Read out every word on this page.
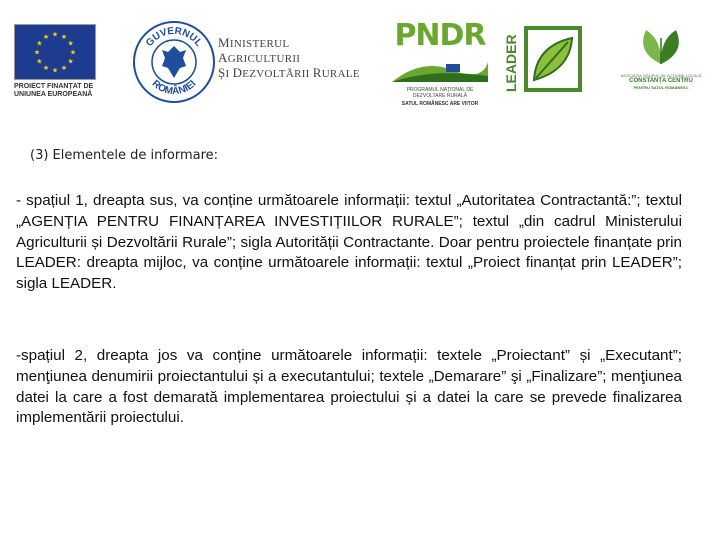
★ ★
★
★
★
★
★
★
★
★
★
★
PROIECT FINANȚAT DE
UNIUNEA EUROPEANĂ
GUVERNUL
ROMÂNIEI
MINISTERUL AGRICULTURII
ȘI DEZVOLTĂRII RURALE
PNDR
PROGRAMUL NAȚIONAL DE DEZVOLTARE RURALĂ
SATUL ROMÂNESC ARE VIITOR
LEADER	ASOCIAȚIA GRUPUL DE ACȚIUNE LOCALĂ
CONSTANȚA CENTRU
PENTRU SATUL ROMÂNESC
(3) Elementele de informare:

- spațiul 1, dreapta sus, va conține următoarele informații: textul „Autoritatea Contractantă:”; textul „AGENȚIA PENTRU FINANȚAREA INVESTIȚIILOR RURALE”; textul „din cadrul Ministerului Agriculturii și Dezvoltării Rurale”; sigla Autorității Contractante. Doar pentru proiectele finanțate prin LEADER: dreapta mijloc, va conține următoarele informații: textul „Proiect finanțat prin LEADER”; sigla LEADER.

-spațiul 2, dreapta jos va conține următoarele informații: textele „Proiectant” și „Executant”; menţiunea denumirii proiectantului și a executantului; textele „Demarare” şi „Finalizare”; menţiunea datei la care a fost demarată implementarea proiectului și a datei la care se prevede finalizarea implementării proiectului.
